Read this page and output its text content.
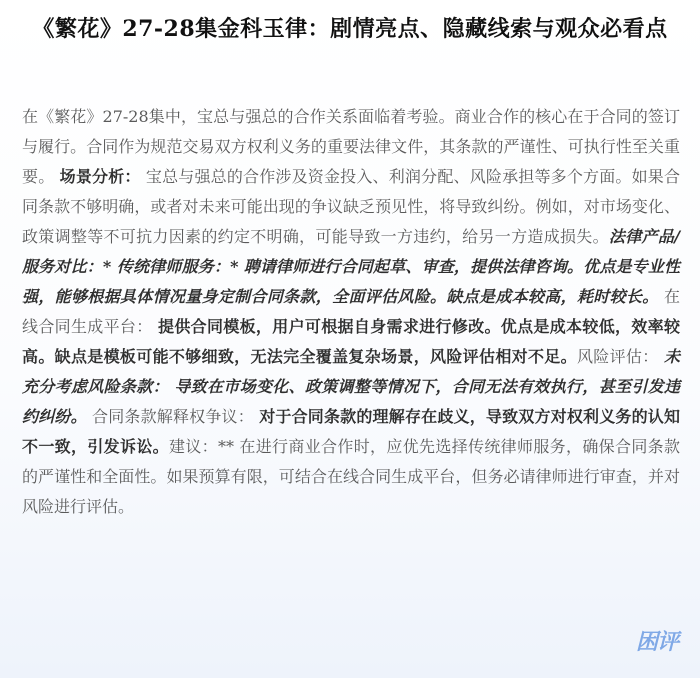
《繁花》27-28集金科玉律：剧情亮点、隐藏线索与观众必看点

在《繁花》27-28集中，宝总与强总的合作关系面临着考验。商业合作的核心在于合同的签订与履行。合同作为规范交易双方权利义务的重要法律文件，其条款的严谨性、可执行性至关重要。 场景分析： 宝总与强总的合作涉及资金投入、利润分配、风险承担等多个方面。如果合同条款不够明确，或者对未来可能出现的争议缺乏预见性，将导致纠纷。例如，对市场变化、政策调整等不可抗力因素的约定不明确，可能导致一方违约，给另一方造成损失。法律产品/服务对比：* 传统律师服务：* 聘请律师进行合同起草、审查，提供法律咨询。优点是专业性强，能够根据具体情况量身定制合同条款，全面评估风险。缺点是成本较高，耗时较长。 在线合同生成平台： 提供合同模板，用户可根据自身需求进行修改。优点是成本较低，效率较高。缺点是模板可能不够细致，无法完全覆盖复杂场景，风险评估相对不足。风险评估： 未充分考虑风险条款： 导致在市场变化、政策调整等情况下，合同无法有效执行，甚至引发违约纠纷。 合同条款解释权争议： 对于合同条款的理解存在歧义，导致双方对权利义务的认知不一致，引发诉讼。建议：** 在进行商业合作时，应优先选择传统律师服务，确保合同条款的严谨性和全面性。如果预算有限，可结合在线合同生成平台，但务必请律师进行审查，并对风险进行评估。

困评
